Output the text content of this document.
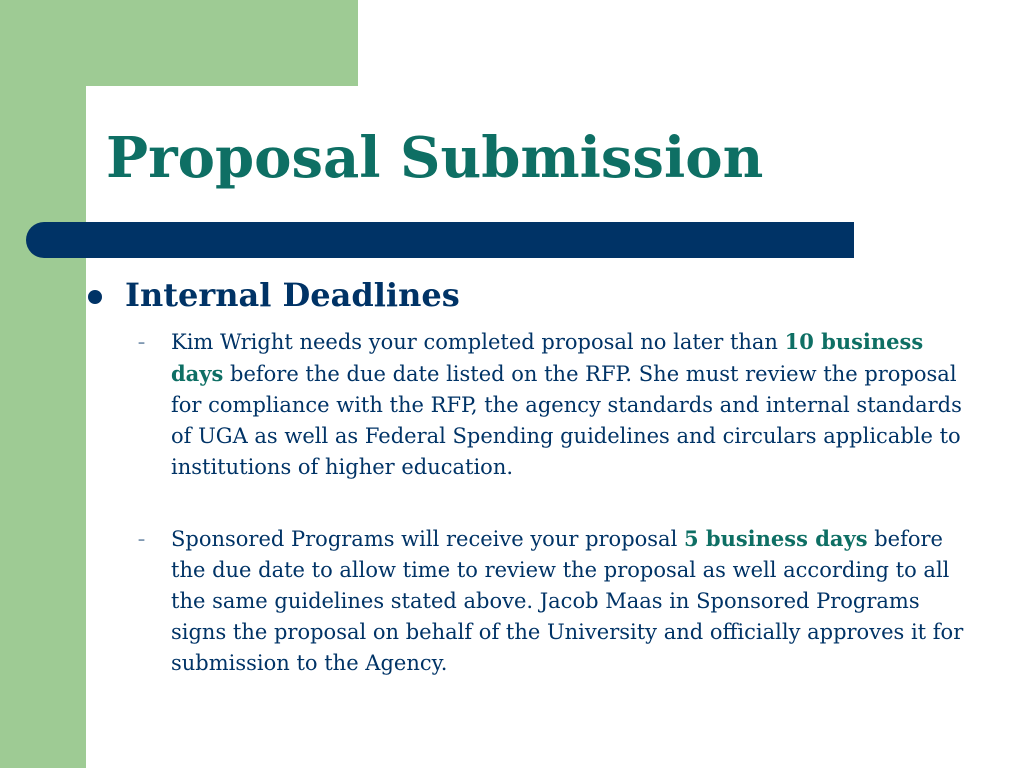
Proposal Submission
Internal Deadlines
– Kim Wright needs your completed proposal no later than 10 business days before the due date listed on the RFP. She must review the proposal for compliance with the RFP, the agency standards and internal standards of UGA as well as Federal Spending guidelines and circulars applicable to institutions of higher education.

– Sponsored Programs will receive your proposal 5 business days before the due date to allow time to review the proposal as well according to all the same guidelines stated above. Jacob Maas in Sponsored Programs signs the proposal on behalf of the University and officially approves it for submission to the Agency.
